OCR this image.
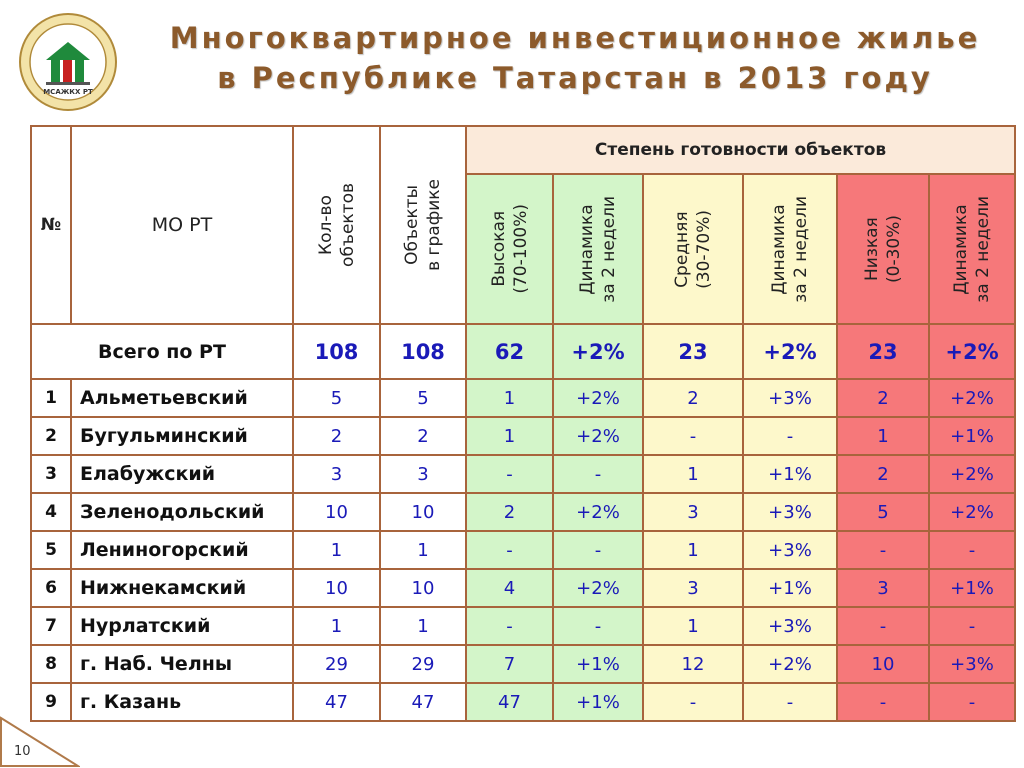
МСАЖКХ РТ
Многоквартирное инвестиционное жилье
в Республике Татарстан в 2013 году
№	МО РТ	Кол-во объектов	Объекты в графике	Степень готовности объектов					

				Высокая (70-100%)	Динамика за 2 недели	Средняя (30-70%)	Динамика за 2 недели	Низкая (0-30%)	Динамика за 2 недели

Всего по РТ		108	108	62	+2%	23	+2%	23	+2%
1	Альметьевский	5	5	1	+2%	2	+3%	2	+2%
2	Бугульминский	2	2	1	+2%	-	-	1	+1%
3	Елабужский	3	3	-	-	1	+1%	2	+2%
4	Зеленодольский	10	10	2	+2%	3	+3%	5	+2%
5	Лениногорский	1	1	-	-	1	+3%	-	-
6	Нижнекамский	10	10	4	+2%	3	+1%	3	+1%
7	Нурлатский	1	1	-	-	1	+3%	-	-
8	г. Наб. Челны	29	29	7	+1%	12	+2%	10	+3%
9	г. Казань	47	47	47	+1%	-	-	-	-
10
